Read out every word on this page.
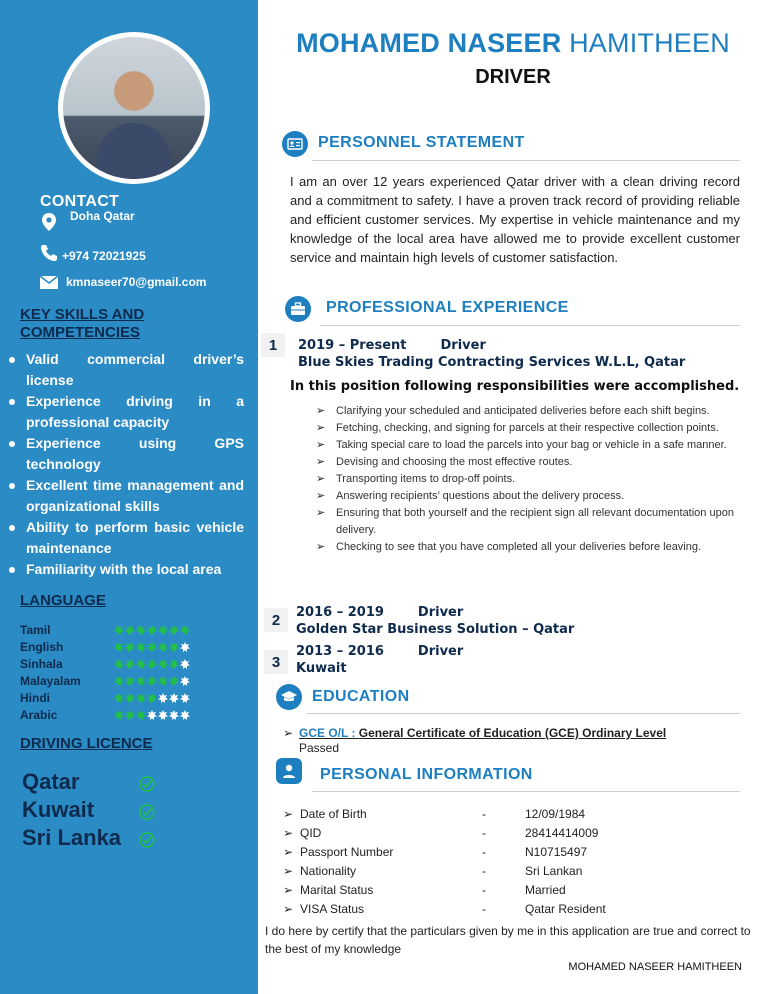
CONTACT
Doha Qatar
+974 72021925
kmnaseer70@gmail.com
KEY SKILLS AND COMPETENCIES
Valid commercial driver’s license
Experience driving in a professional capacity
Experience using GPS technology
Excellent time management and organizational skills
Ability to perform basic vehicle maintenance
Familiarity with the local area
LANGUAGE
Tamil
English
Sinhala
Malayalam
Hindi
Arabic
DRIVING LICENCE
Qatar
Kuwait
Sri Lanka
MOHAMED NASEER HAMITHEEN
DRIVER
PERSONNEL STATEMENT
I am an over 12 years experienced Qatar driver with a clean driving record and a commitment to safety. I have a proven track record of providing reliable and efficient customer services. My expertise in vehicle maintenance and my knowledge of the local area have allowed me to provide excellent customer service and maintain high levels of customer satisfaction.
PROFESSIONAL EXPERIENCE
1	2019 – Present	Driver
Blue Skies Trading Contracting Services W.L.L, Qatar
In this position following responsibilities were accomplished.
➢ Clarifying your scheduled and anticipated deliveries before each shift begins.
➢ Fetching, checking, and signing for parcels at their respective collection points.
➢ Taking special care to load the parcels into your bag or vehicle in a safe manner.
➢ Devising and choosing the most effective routes.
➢ Transporting items to drop-off points.
➢ Answering recipients’ questions about the delivery process.
➢ Ensuring that both yourself and the recipient sign all relevant documentation upon delivery.
➢ Checking to see that you have completed all your deliveries before leaving.
2	2016 – 2019	Driver
Golden Star Business Solution – Qatar
3
2013 – 2016	Driver
Kuwait
EDUCATION
➢ GCE O/L : General Certificate of Education (GCE) Ordinary Level
Passed
PERSONAL INFORMATION
➢ Date of Birth	-	12/09/1984
➢ QID	-	28414414009
➢ Passport Number	-	N10715497
➢ Nationality	-	Sri Lankan
➢ Marital Status	-	Married
➢ VISA Status	-	Qatar Resident
I do here by certify that the particulars given by me in this application are true and correct to the best of my knowledge
MOHAMED NASEER HAMITHEEN
